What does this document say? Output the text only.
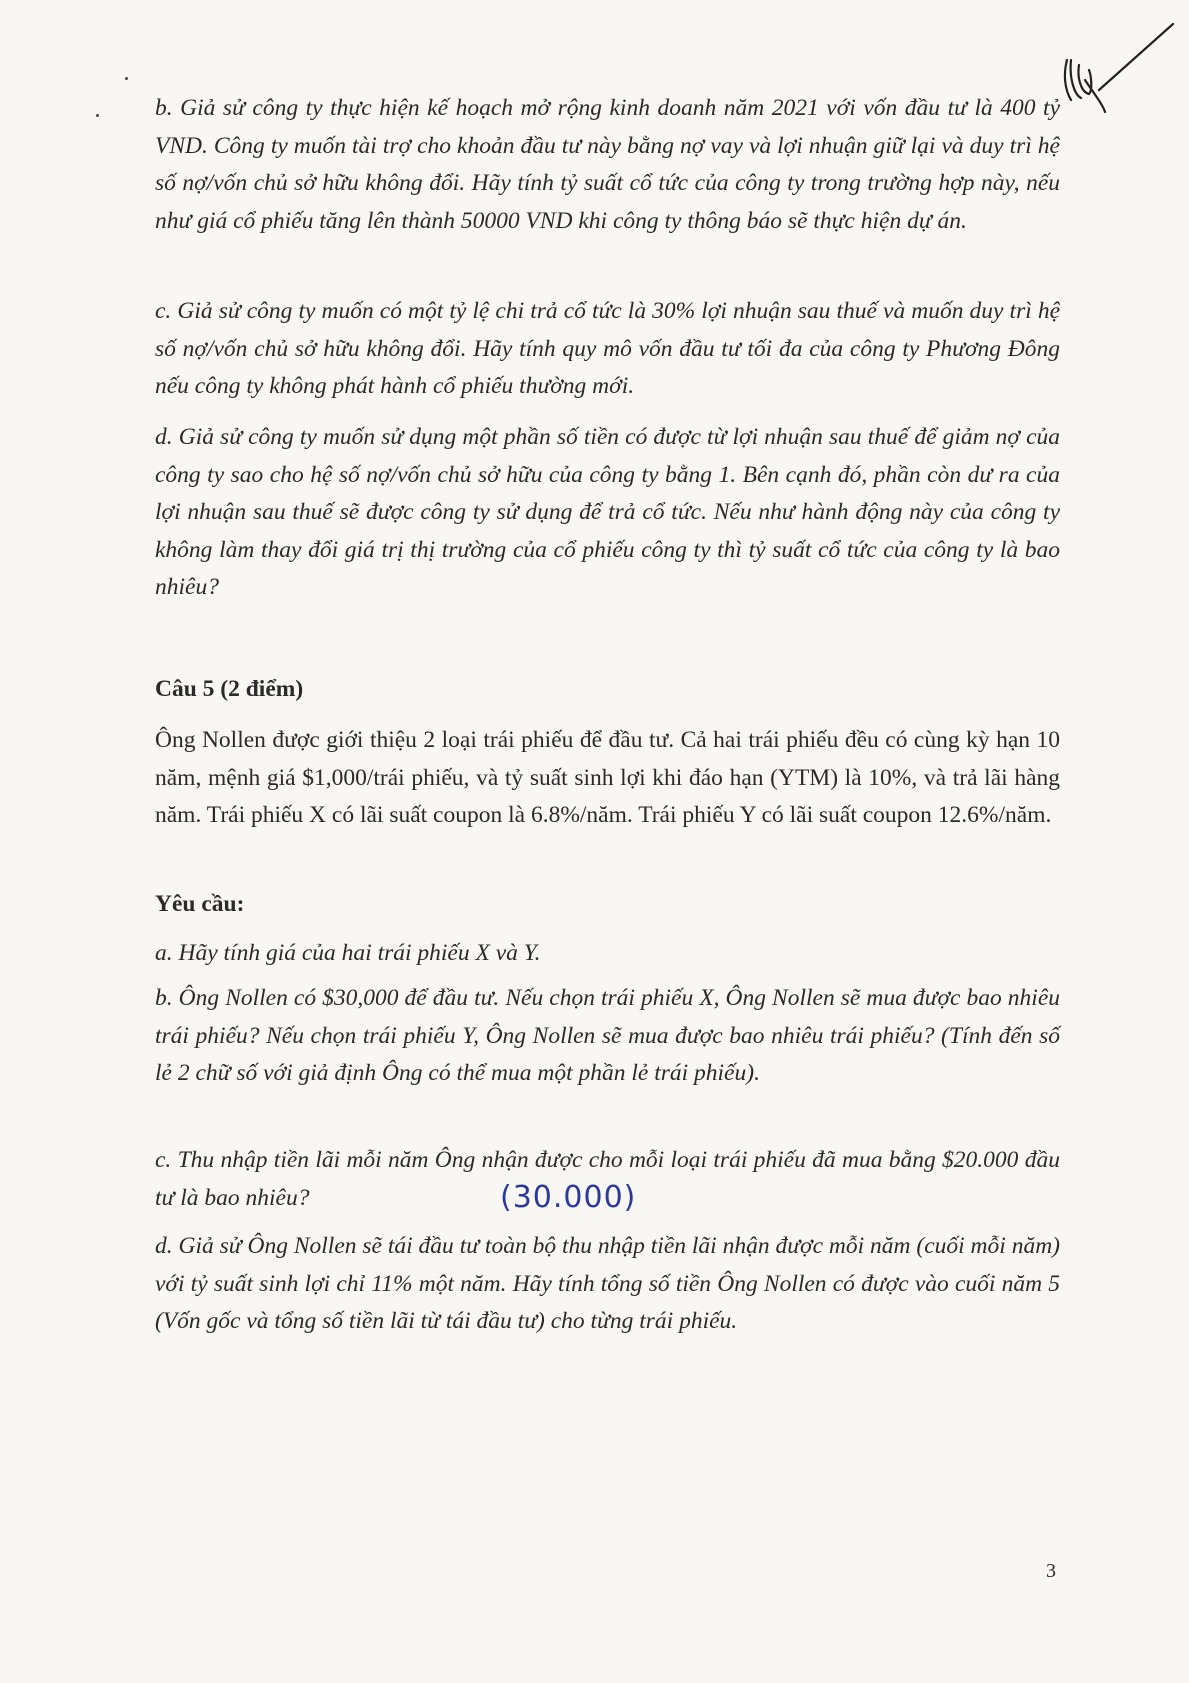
b. Giả sử công ty thực hiện kế hoạch mở rộng kinh doanh năm 2021 với vốn đầu tư là 400 tỷ VND. Công ty muốn tài trợ cho khoản đầu tư này bằng nợ vay và lợi nhuận giữ lại và duy trì hệ số nợ/vốn chủ sở hữu không đổi. Hãy tính tỷ suất cổ tức của công ty trong trường hợp này, nếu như giá cổ phiếu tăng lên thành 50000 VND khi công ty thông báo sẽ thực hiện dự án.
c. Giả sử công ty muốn có một tỷ lệ chi trả cổ tức là 30% lợi nhuận sau thuế và muốn duy trì hệ số nợ/vốn chủ sở hữu không đổi. Hãy tính quy mô vốn đầu tư tối đa của công ty Phương Đông nếu công ty không phát hành cổ phiếu thường mới.
d. Giả sử công ty muốn sử dụng một phần số tiền có được từ lợi nhuận sau thuế để giảm nợ của công ty sao cho hệ số nợ/vốn chủ sở hữu của công ty bằng 1. Bên cạnh đó, phần còn dư ra của lợi nhuận sau thuế sẽ được công ty sử dụng để trả cổ tức. Nếu như hành động này của công ty không làm thay đổi giá trị thị trường của cổ phiếu công ty thì tỷ suất cổ tức của công ty là bao nhiêu?
Câu 5 (2 điểm)
Ông Nollen được giới thiệu 2 loại trái phiếu để đầu tư. Cả hai trái phiếu đều có cùng kỳ hạn 10 năm, mệnh giá $1,000/trái phiếu, và tỷ suất sinh lợi khi đáo hạn (YTM) là 10%, và trả lãi hàng năm. Trái phiếu X có lãi suất coupon là 6.8%/năm. Trái phiếu Y có lãi suất coupon 12.6%/năm.
Yêu cầu:
a. Hãy tính giá của hai trái phiếu X và Y.
b. Ông Nollen có $30,000 để đầu tư. Nếu chọn trái phiếu X, Ông Nollen sẽ mua được bao nhiêu trái phiếu? Nếu chọn trái phiếu Y, Ông Nollen sẽ mua được bao nhiêu trái phiếu? (Tính đến số lẻ 2 chữ số với giả định Ông có thể mua một phần lẻ trái phiếu).
c. Thu nhập tiền lãi mỗi năm Ông nhận được cho mỗi loại trái phiếu đã mua bằng $20.000 đầu tư là bao nhiêu?	(30.000)
d. Giả sử Ông Nollen sẽ tái đầu tư toàn bộ thu nhập tiền lãi nhận được mỗi năm (cuối mỗi năm) với tỷ suất sinh lợi chỉ 11% một năm. Hãy tính tổng số tiền Ông Nollen có được vào cuối năm 5 (Vốn gốc và tổng số tiền lãi từ tái đầu tư) cho từng trái phiếu.
3
